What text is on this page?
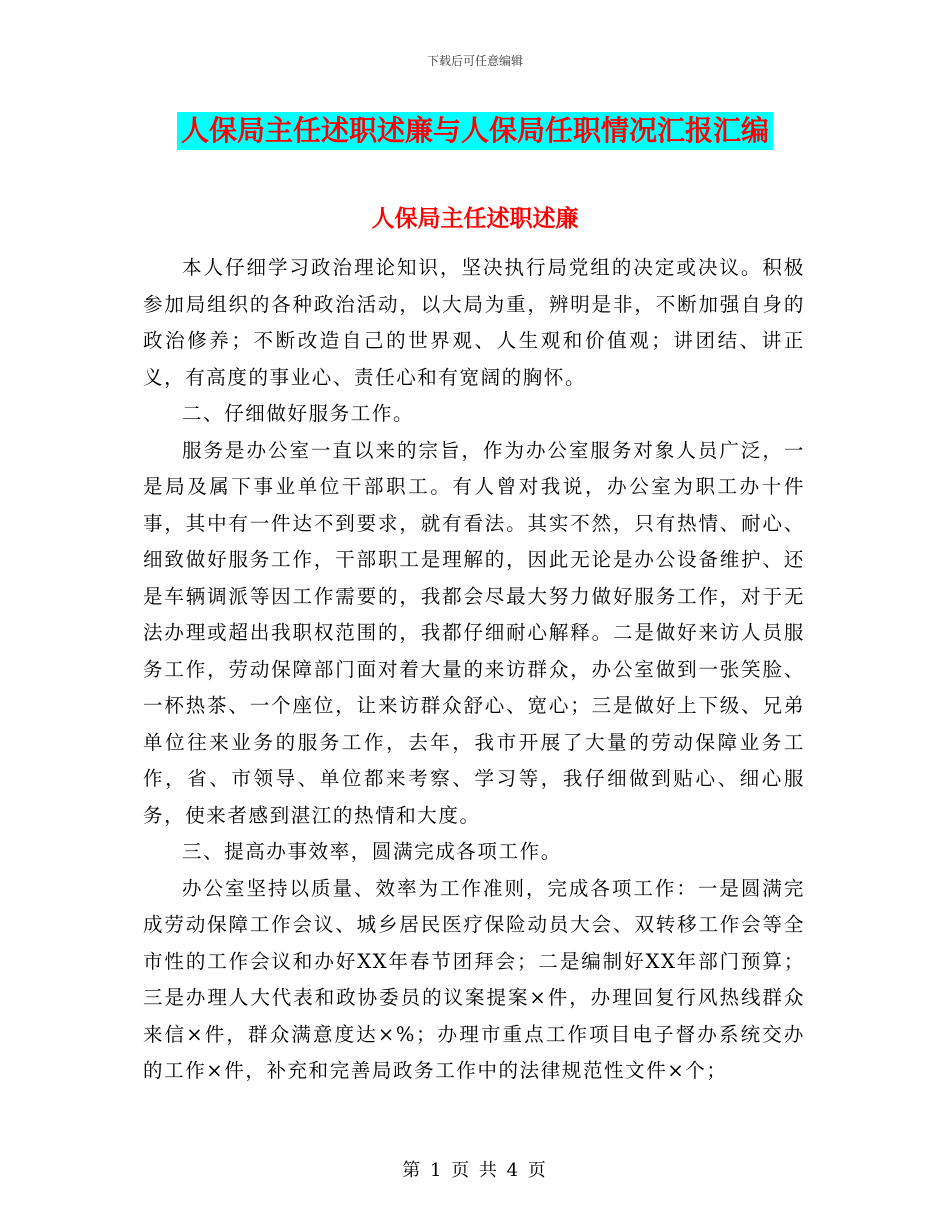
下载后可任意编辑
人保局主任述职述廉与人保局任职情况汇报汇编
人保局主任述职述廉

本人仔细学习政治理论知识，坚决执行局党组的决定或决议。积极参加局组织的各种政治活动，以大局为重，辨明是非，不断加强自身的政治修养；不断改造自己的世界观、人生观和价值观；讲团结、讲正义，有高度的事业心、责任心和有宽阔的胸怀。

二、仔细做好服务工作。

服务是办公室一直以来的宗旨，作为办公室服务对象人员广泛，一是局及属下事业单位干部职工。有人曾对我说，办公室为职工办十件事，其中有一件达不到要求，就有看法。其实不然，只有热情、耐心、细致做好服务工作，干部职工是理解的，因此无论是办公设备维护、还是车辆调派等因工作需要的，我都会尽最大努力做好服务工作，对于无法办理或超出我职权范围的，我都仔细耐心解释。二是做好来访人员服务工作，劳动保障部门面对着大量的来访群众，办公室做到一张笑脸、一杯热茶、一个座位，让来访群众舒心、宽心；三是做好上下级、兄弟单位往来业务的服务工作，去年，我市开展了大量的劳动保障业务工作，省、市领导、单位都来考察、学习等，我仔细做到贴心、细心服务，使来者感到湛江的热情和大度。

三、提高办事效率，圆满完成各项工作。

办公室坚持以质量、效率为工作准则，完成各项工作：一是圆满完成劳动保障工作会议、城乡居民医疗保险动员大会、双转移工作会等全市性的工作会议和办好XX年春节团拜会；二是编制好XX年部门预算；三是办理人大代表和政协委员的议案提案×件，办理回复行风热线群众来信×件，群众满意度达×%；办理市重点工作项目电子督办系统交办的工作×件，补充和完善局政务工作中的法律规范性文件×个；

第 1 页 共 4 页
